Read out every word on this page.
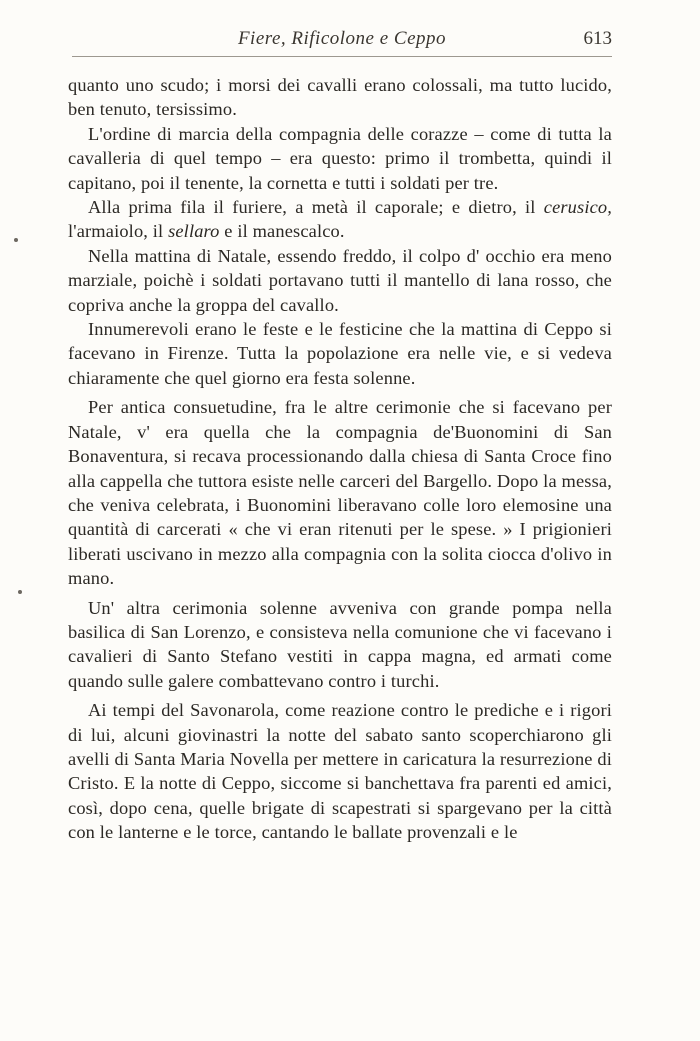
Fiere, Rificolone e Ceppo	613

quanto uno scudo; i morsi dei cavalli erano colossali, ma tutto lucido, ben tenuto, tersissimo.

L'ordine di marcia della compagnia delle corazze – come di tutta la cavalleria di quel tempo – era questo: primo il trombetta, quindi il capitano, poi il tenente, la cornetta e tutti i soldati per tre.

Alla prima fila il furiere, a metà il caporale; e dietro, il cerusico, l'armaiolo, il sellaro e il manescalco.

Nella mattina di Natale, essendo freddo, il colpo d' occhio era meno marziale, poichè i soldati portavano tutti il mantello di lana rosso, che copriva anche la groppa del cavallo.

Innumerevoli erano le feste e le festicine che la mattina di Ceppo si facevano in Firenze. Tutta la popolazione era nelle vie, e si vedeva chiaramente che quel giorno era festa solenne.

Per antica consuetudine, fra le altre cerimonie che si facevano per Natale, v' era quella che la compagnia de'Buonomini di San Bonaventura, si recava processionando dalla chiesa di Santa Croce fino alla cappella che tuttora esiste nelle carceri del Bargello. Dopo la messa, che veniva celebrata, i Buonomini liberavano colle loro elemosine una quantità di carcerati « che vi eran ritenuti per le spese. » I prigionieri liberati uscivano in mezzo alla compagnia con la solita ciocca d'olivo in mano.

Un' altra cerimonia solenne avveniva con grande pompa nella basilica di San Lorenzo, e consisteva nella comunione che vi facevano i cavalieri di Santo Stefano vestiti in cappa magna, ed armati come quando sulle galere combattevano contro i turchi.

Ai tempi del Savonarola, come reazione contro le prediche e i rigori di lui, alcuni giovinastri la notte del sabato santo scoperchiarono gli avelli di Santa Maria Novella per mettere in caricatura la resurrezione di Cristo. E la notte di Ceppo, siccome si banchettava fra parenti ed amici, così, dopo cena, quelle brigate di scapestrati si spargevano per la città con le lanterne e le torce, cantando le ballate provenzali e le
